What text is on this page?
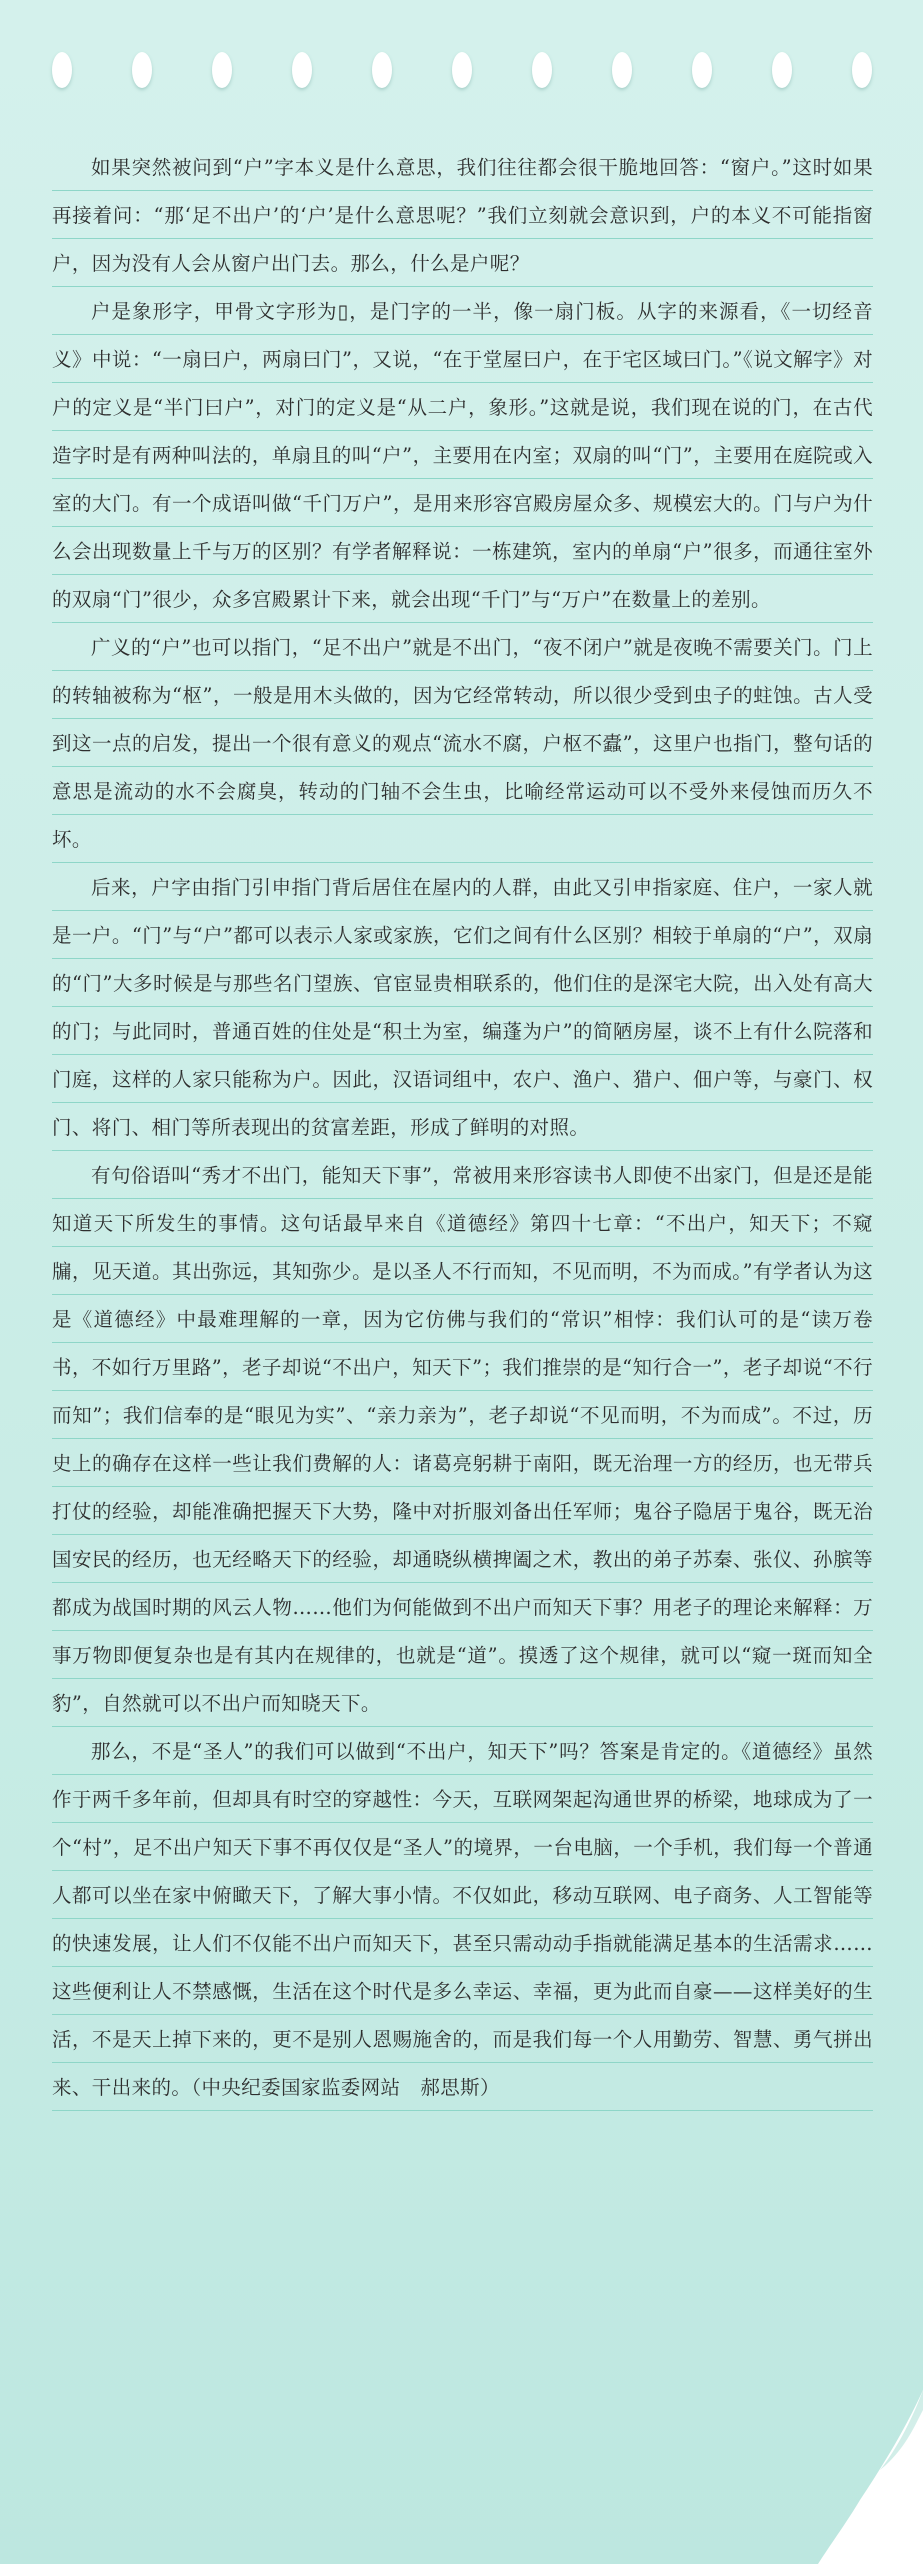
如果突然被问到“户”字本义是什么意思，我们往往都会很干脆地回答：“窗户。”这时如果再接着问：“那‘足不出户’的‘户’是什么意思呢？”我们立刻就会意识到，户的本义不可能指窗户，因为没有人会从窗户出门去。那么，什么是户呢？

户是象形字，甲骨文字形为▯，是门字的一半，像一扇门板。从字的来源看，《一切经音义》中说：“一扇曰户，两扇曰门”，又说，“在于堂屋曰户，在于宅区域曰门。”《说文解字》对户的定义是“半门曰户”，对门的定义是“从二户，象形。”这就是说，我们现在说的门，在古代造字时是有两种叫法的，单扇且的叫“户”，主要用在内室；双扇的叫“门”，主要用在庭院或入室的大门。有一个成语叫做“千门万户”，是用来形容宫殿房屋众多、规模宏大的。门与户为什么会出现数量上千与万的区别？有学者解释说：一栋建筑，室内的单扇“户”很多，而通往室外的双扇“门”很少，众多宫殿累计下来，就会出现“千门”与“万户”在数量上的差别。

广义的“户”也可以指门，“足不出户”就是不出门，“夜不闭户”就是夜晚不需要关门。门上的转轴被称为“枢”，一般是用木头做的，因为它经常转动，所以很少受到虫子的蛀蚀。古人受到这一点的启发，提出一个很有意义的观点“流水不腐，户枢不蠹”，这里户也指门，整句话的意思是流动的水不会腐臭，转动的门轴不会生虫，比喻经常运动可以不受外来侵蚀而历久不坏。

后来，户字由指门引申指门背后居住在屋内的人群，由此又引申指家庭、住户，一家人就是一户。“门”与“户”都可以表示人家或家族，它们之间有什么区别？相较于单扇的“户”，双扇的“门”大多时候是与那些名门望族、官宦显贵相联系的，他们住的是深宅大院，出入处有高大的门；与此同时，普通百姓的住处是“积土为室，编蓬为户”的简陋房屋，谈不上有什么院落和门庭，这样的人家只能称为户。因此，汉语词组中，农户、渔户、猎户、佃户等，与豪门、权门、将门、相门等所表现出的贫富差距，形成了鲜明的对照。

有句俗语叫“秀才不出门，能知天下事”，常被用来形容读书人即使不出家门，但是还是能知道天下所发生的事情。这句话最早来自《道德经》第四十七章：“不出户，知天下；不窥牖，见天道。其出弥远，其知弥少。是以圣人不行而知，不见而明，不为而成。”有学者认为这是《道德经》中最难理解的一章，因为它仿佛与我们的“常识”相悖：我们认可的是“读万卷书，不如行万里路”，老子却说“不出户，知天下”；我们推崇的是“知行合一”，老子却说“不行而知”；我们信奉的是“眼见为实”、“亲力亲为”，老子却说“不见而明，不为而成”。不过，历史上的确存在这样一些让我们费解的人：诸葛亮躬耕于南阳，既无治理一方的经历，也无带兵打仗的经验，却能准确把握天下大势，隆中对折服刘备出任军师；鬼谷子隐居于鬼谷，既无治国安民的经历，也无经略天下的经验，却通晓纵横捭阖之术，教出的弟子苏秦、张仪、孙膑等都成为战国时期的风云人物……他们为何能做到不出户而知天下事？用老子的理论来解释：万事万物即便复杂也是有其内在规律的，也就是“道”。摸透了这个规律，就可以“窥一斑而知全豹”，自然就可以不出户而知晓天下。

那么，不是“圣人”的我们可以做到“不出户，知天下”吗？答案是肯定的。《道德经》虽然作于两千多年前，但却具有时空的穿越性：今天，互联网架起沟通世界的桥梁，地球成为了一个“村”，足不出户知天下事不再仅仅是“圣人”的境界，一台电脑，一个手机，我们每一个普通人都可以坐在家中俯瞰天下，了解大事小情。不仅如此，移动互联网、电子商务、人工智能等的快速发展，让人们不仅能不出户而知天下，甚至只需动动手指就能满足基本的生活需求……这些便利让人不禁感慨，生活在这个时代是多么幸运、幸福，更为此而自豪——这样美好的生活，不是天上掉下来的，更不是别人恩赐施舍的，而是我们每一个人用勤劳、智慧、勇气拼出来、干出来的。（中央纪委国家监委网站　郝思斯）
